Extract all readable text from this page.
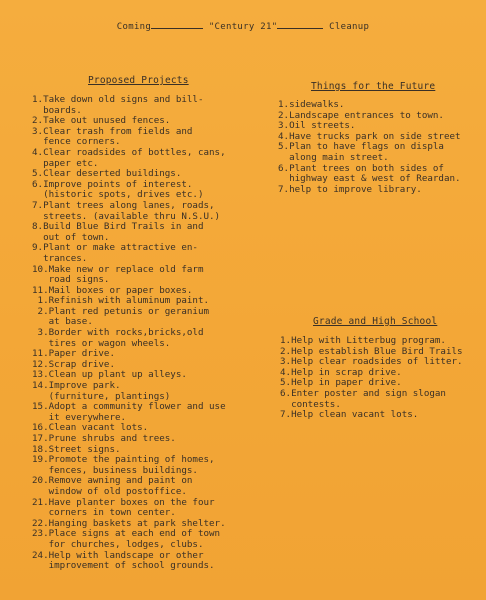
Coming	"Century 21"	Cleanup
Proposed Projects
Things for the Future
Grade and High School
1.Take down old signs and bill-
boards.
2.Take out unused fences.
3.Clear trash from fields and
fence corners.
4.Clear roadsides of bottles, cans,
paper etc.
5.Clear deserted buildings.
6.Improve points of interest.
(historic spots, drives etc.)
7.Plant trees along lanes, roads,
streets. (available thru N.S.U.)
8.Build Blue Bird Trails in and
out of town.
9.Plant or make attractive en-
trances.
10.Make new or replace old farm
road signs.
11.Mail boxes or paper boxes.
1.Refinish with aluminum paint.
2.Plant red petunis or geranium
at base.
3.Border with rocks,bricks,old
tires or wagon wheels.
11.Paper drive.
12.Scrap drive.
13.Clean up plant up alleys.
14.Improve park.
(furniture, plantings)
15.Adopt a community flower and use
it everywhere.
16.Clean vacant lots.
17.Prune shrubs and trees.
18.Street signs.
19.Promote the painting of homes,
fences, business buildings.
20.Remove awning and paint on
window of old postoffice.
21.Have planter boxes on the four
corners in town center.
22.Hanging baskets at park shelter.
23.Place signs at each end of town
for churches, lodges, clubs.
24.Help with landscape or other
improvement of school grounds.
1.sidewalks.
2.Landscape entrances to town.
3.Oil streets.
4.Have trucks park on side street
5.Plan to have flags on displa
along main street.
6.Plant trees on both sides of
highway east & west of Reardan.
7.help to improve library.
1.Help with Litterbug program.
2.Help establish Blue Bird Trails
3.Help clear roadsides of litter.
4.Help in scrap drive.
5.Help in paper drive.
6.Enter poster and sign slogan
contests.
7.Help clean vacant lots.
